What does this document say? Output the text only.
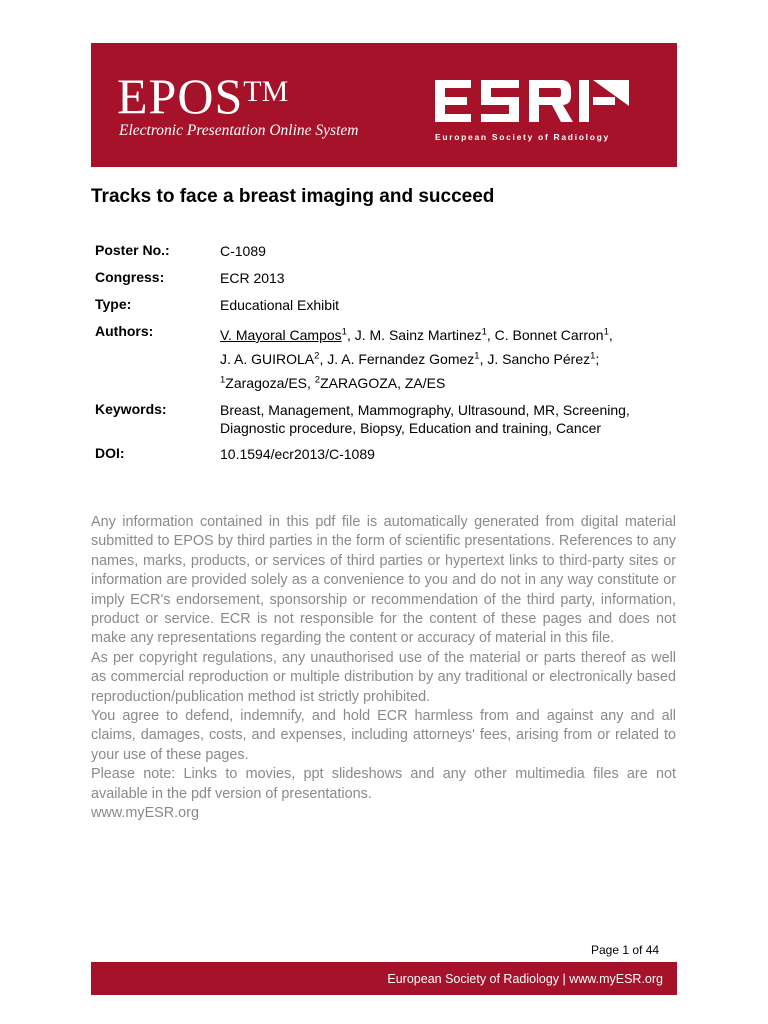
EPOS™
Electronic Presentation Online System	European Society of Radiology
Tracks to face a breast imaging and succeed
Poster No.:	C-1089
Congress:	ECR 2013
Type:	Educational Exhibit
Authors:	V. Mayoral Campos$^1$, J. M. Sainz Martinez$^1$, C. Bonnet Carron$^1$,
J. A. GUIROLA$^2$, J. A. Fernandez Gomez$^1$, J. Sancho Pérez$^1$;
$^1$Zaragoza/ES, $^2$ZARAGOZA, ZA/ES
Keywords:	Breast, Management, Mammography, Ultrasound, MR, Screening,
Diagnostic procedure, Biopsy, Education and training, Cancer
DOI:	10.1594/ecr2013/C-1089

Any information contained in this pdf file is automatically generated from digital material submitted to EPOS by third parties in the form of scientific presentations. References to any names, marks, products, or services of third parties or hypertext links to third-party sites or information are provided solely as a convenience to you and do not in any way constitute or imply ECR's endorsement, sponsorship or recommendation of the third party, information, product or service. ECR is not responsible for the content of these pages and does not make any representations regarding the content or accuracy of material in this file.

As per copyright regulations, any unauthorised use of the material or parts thereof as well as commercial reproduction or multiple distribution by any traditional or electronically based reproduction/publication method ist strictly prohibited.

You agree to defend, indemnify, and hold ECR harmless from and against any and all claims, damages, costs, and expenses, including attorneys' fees, arising from or related to your use of these pages.

Please note: Links to movies, ppt slideshows and any other multimedia files are not available in the pdf version of presentations.

www.myESR.org

Page 1 of 44
European Society of Radiology | www.myESR.org
